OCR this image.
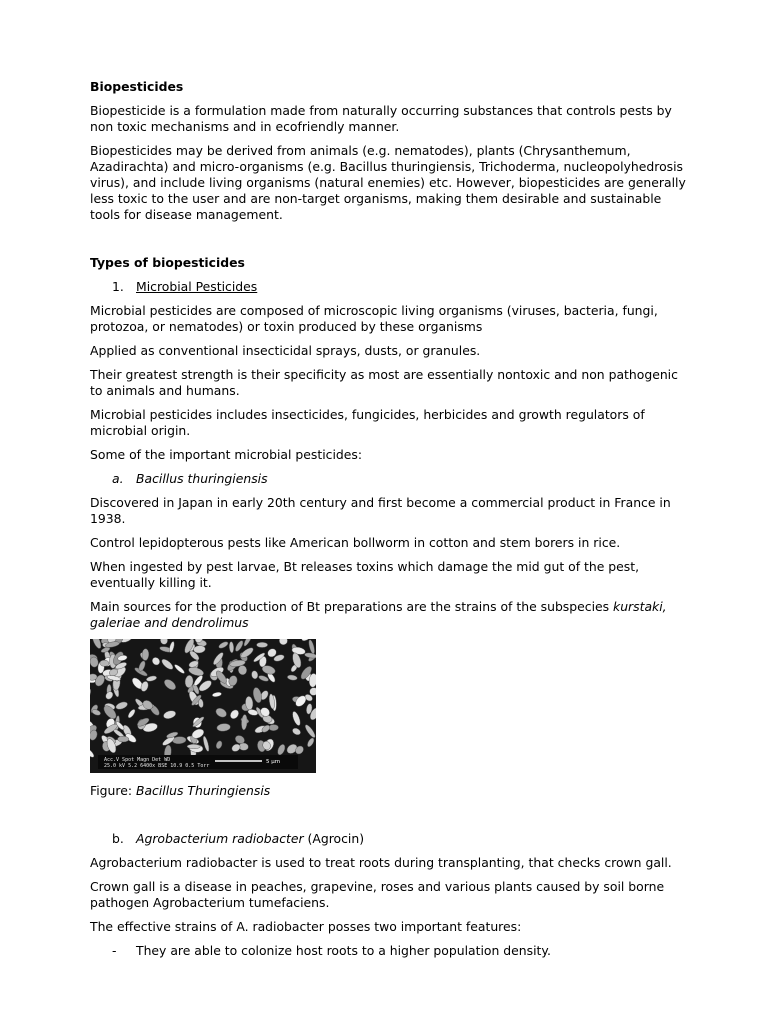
Biopesticides

Biopesticide is a formulation made from naturally occurring substances that controls pests by non toxic mechanisms and in ecofriendly manner.

Biopesticides may be derived from animals (e.g. nematodes), plants (Chrysanthemum, Azadirachta) and micro-organisms (e.g. Bacillus thuringiensis, Trichoderma, nucleopolyhedrosis virus), and include living organisms (natural enemies) etc. However, biopesticides are generally less toxic to the user and are non-target organisms, making them desirable and sustainable tools for disease management.

Types of biopesticides

1. Microbial Pesticides

Microbial pesticides are composed of microscopic living organisms (viruses, bacteria, fungi, protozoa, or nematodes) or toxin produced by these organisms

Applied as conventional insecticidal sprays, dusts, or granules.

Their greatest strength is their specificity as most are essentially nontoxic and non pathogenic to animals and humans.

Microbial pesticides includes insecticides, fungicides, herbicides and growth regulators of microbial origin.

Some of the important microbial pesticides:

a.	Bacillus thuringiensis

Discovered in Japan in early 20th century and first become a commercial product in France in 1938.

Control lepidopterous pests like American bollworm in cotton and stem borers in rice.

When ingested by pest larvae, Bt releases toxins which damage the mid gut of the pest, eventually killing it.

Main sources for the production of Bt preparations are the strains of the subspecies kurstaki, galeriae and dendrolimus

Acc.V Spot Magn Det WD
25.0 kV 5.2 6400x BSE 10.9 0.5 Torr
5 μm

Figure: Bacillus Thuringiensis

b. Agrobacterium radiobacter (Agrocin)

Agrobacterium radiobacter is used to treat roots during transplanting, that checks crown gall.

Crown gall is a disease in peaches, grapevine, roses and various plants caused by soil borne pathogen Agrobacterium tumefaciens.

The effective strains of A. radiobacter posses two important features:

-	They are able to colonize host roots to a higher population density.
